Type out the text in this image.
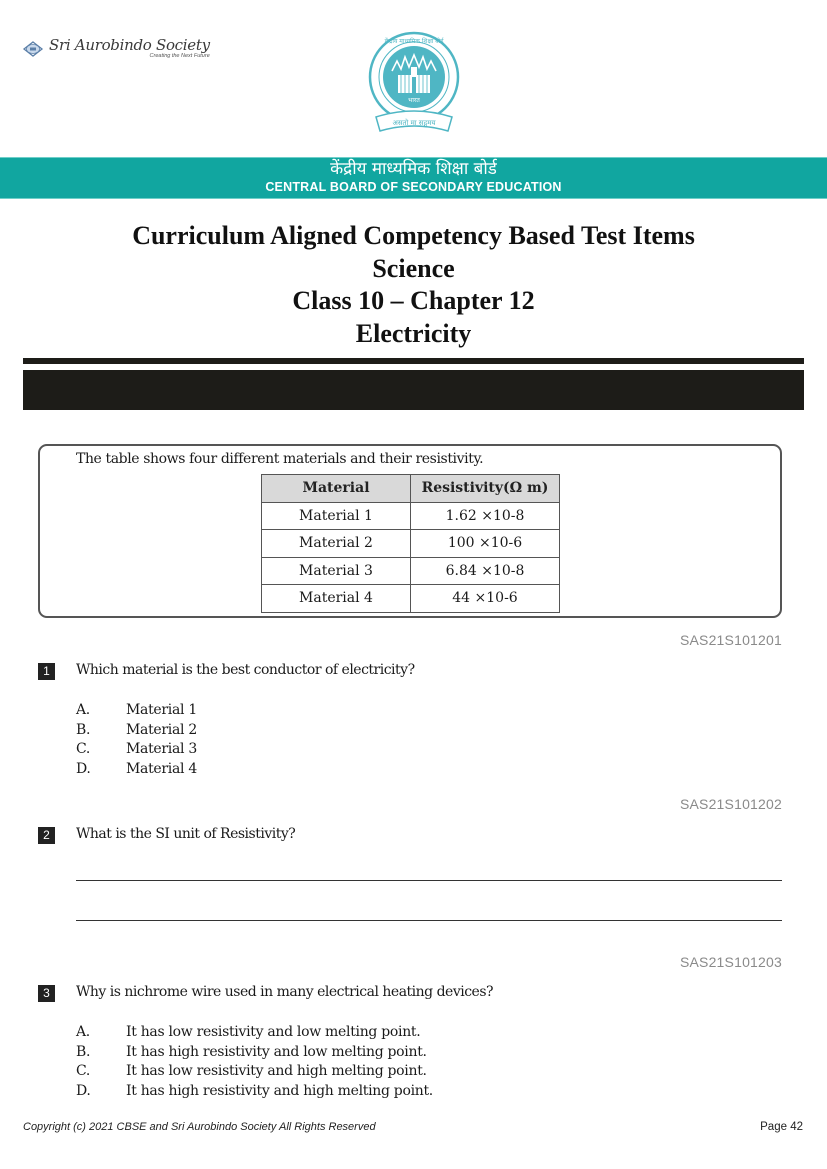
Sri Aurobindo Society
Creating the Next Future
भारत
असतो मा सद्गमय
केंद्रीय माध्यमिक शिक्षा बोर्ड
केंद्रीय माध्यमिक शिक्षा बोर्ड
CENTRAL BOARD OF SECONDARY EDUCATION
Curriculum Aligned Competency Based Test Items
Science
Class 10 – Chapter 12
Electricity
The table shows four different materials and their resistivity.
Material	Resistivity(Ω m)
Material 1	1.62 ×10-8
Material 2	100 ×10-6
Material 3	6.84 ×10-8
Material 4	44 ×10-6
SAS21S101201
1	Which material is the best conductor of electricity?
A.	Material 1
B.	Material 2
C.	Material 3
D.	Material 4
SAS21S101202
2	What is the SI unit of Resistivity?
SAS21S101203
3	Why is nichrome wire used in many electrical heating devices?
A.	It has low resistivity and low melting point.
B.	It has high resistivity and low melting point.
C.	It has low resistivity and high melting point.
D.	It has high resistivity and high melting point.
Copyright (c) 2021 CBSE and Sri Aurobindo Society All Rights Reserved	Page 42
